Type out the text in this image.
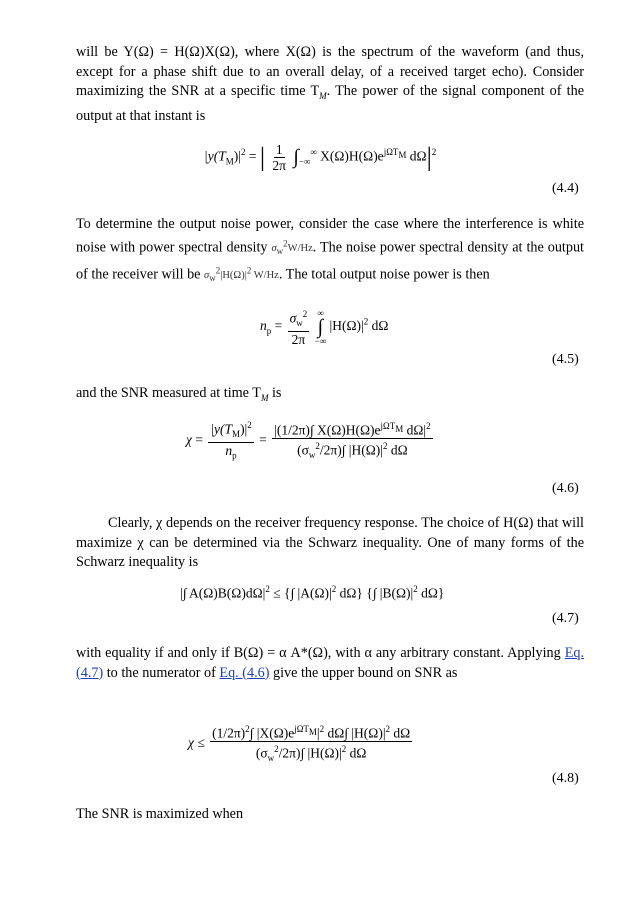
will be Y(Ω) = H(Ω)X(Ω), where X(Ω) is the spectrum of the waveform (and thus, except for a phase shift due to an overall delay, of a received target echo). Consider maximizing the SNR at a specific time $T_M$. The power of the signal component of the output at that instant is
$|y(T_M)|^2$ = | $\frac{1}{2\pi} \int_{-\infty}^\infty$ $X(\Omega)H(\Omega)e^{j\Omega T_M}$ $d\Omega|^2$
(4.4)
To determine the output noise power, consider the case where the interference is white noise with power spectral density $\sigma_w^2W/Hz$. The noise power spectral density at the output of the receiver will be $\sigma_w^2|H(\Omega)|^2$ W/Hz. The total output noise power is then
$n_p = \frac{\sigma_w^2}{2\pi}$
∞
∫
−∞
$|H(\Omega)|^2$ dΩ
(4.5)
and the SNR measured at time $T_M$ is
$\chi = \frac{|y(T_M)|^2}{n_p} = \frac{|(1/2\pi)\int X(\Omega)H(\Omega)e^{j\Omega T_M} d\Omega|^2}{(\sigma_w^2/2\pi)\int |H(\Omega)|^2 d\Omega}$
(4.6)
Clearly, χ depends on the receiver frequency response. The choice of H(Ω) that will maximize χ can be determined via the Schwarz inequality. One of many forms of the Schwarz inequality is
|∫ $A(\Omega)B(\Omega)d\Omega|^2$ ≤ {∫ $|A(\Omega)|^2$ dΩ} {∫ $|B(\Omega)|^2$ dΩ}
(4.7)
with equality if and only if B(Ω) = α A*(Ω), with α any arbitrary constant. Applying Eq. (4.7) to the numerator of Eq. (4.6) give the upper bound on SNR as
$\chi \le \frac{(1/2\pi)^2\int |X(\Omega)e^{j\Omega T_M}|^2 d\Omega\int |H(\Omega)|^2 d\Omega}{(\sigma_w^2/2\pi)\int |H(\Omega)|^2 d\Omega}$
(4.8)
The SNR is maximized when
